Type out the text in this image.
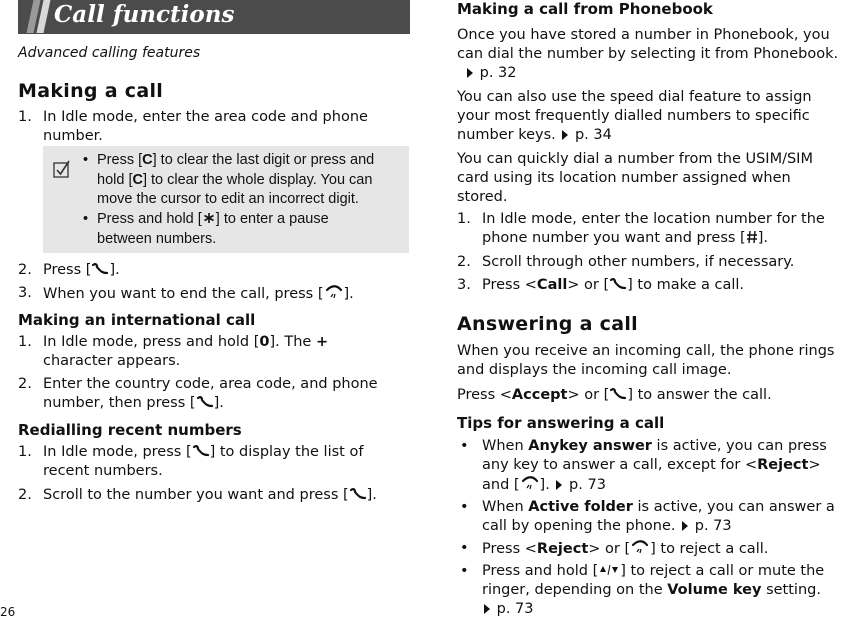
Call functions
Advanced calling features
Making a call
1. In Idle mode, enter the area code and phone
number.
• Press [C] to clear the last digit or press and
hold [C] to clear the whole display. You can
move the cursor to edit an incorrect digit.
• Press and hold [ ] to enter a pause
between numbers.
2. Press [ ].
3. When you want to end the call, press [ ].
Making an international call
1. In Idle mode, press and hold [0]. The +
character appears.
2. Enter the country code, area code, and phone
number, then press [ ].
Redialling recent numbers
1. In Idle mode, press [ ] to display the list of
recent numbers.
2. Scroll to the number you want and press [ ].
26
Making a call from Phonebook
Once you have stored a number in Phonebook, you
can dial the number by selecting it from Phonebook.
p. 32
You can also use the speed dial feature to assign
your most frequently dialled numbers to specific
number keys. p. 34
You can quickly dial a number from the USIM/SIM
card using its location number assigned when
stored.
1. In Idle mode, enter the location number for the
phone number you want and press [ ].
2. Scroll through other numbers, if necessary.
3. Press <Call> or [ ] to make a call.
Answering a call
When you receive an incoming call, the phone rings
and displays the incoming call image.
Press <Accept> or [ ] to answer the call.
Tips for answering a call
• When Anykey answer is active, you can press
any key to answer a call, except for <Reject>
and [ ]. p. 73
• When Active folder is active, you can answer a
call by opening the phone. p. 73
• Press <Reject> or [ ] to reject a call.
• Press and hold [ ] to reject a call or mute the
ringer, depending on the Volume key setting.
p. 73
